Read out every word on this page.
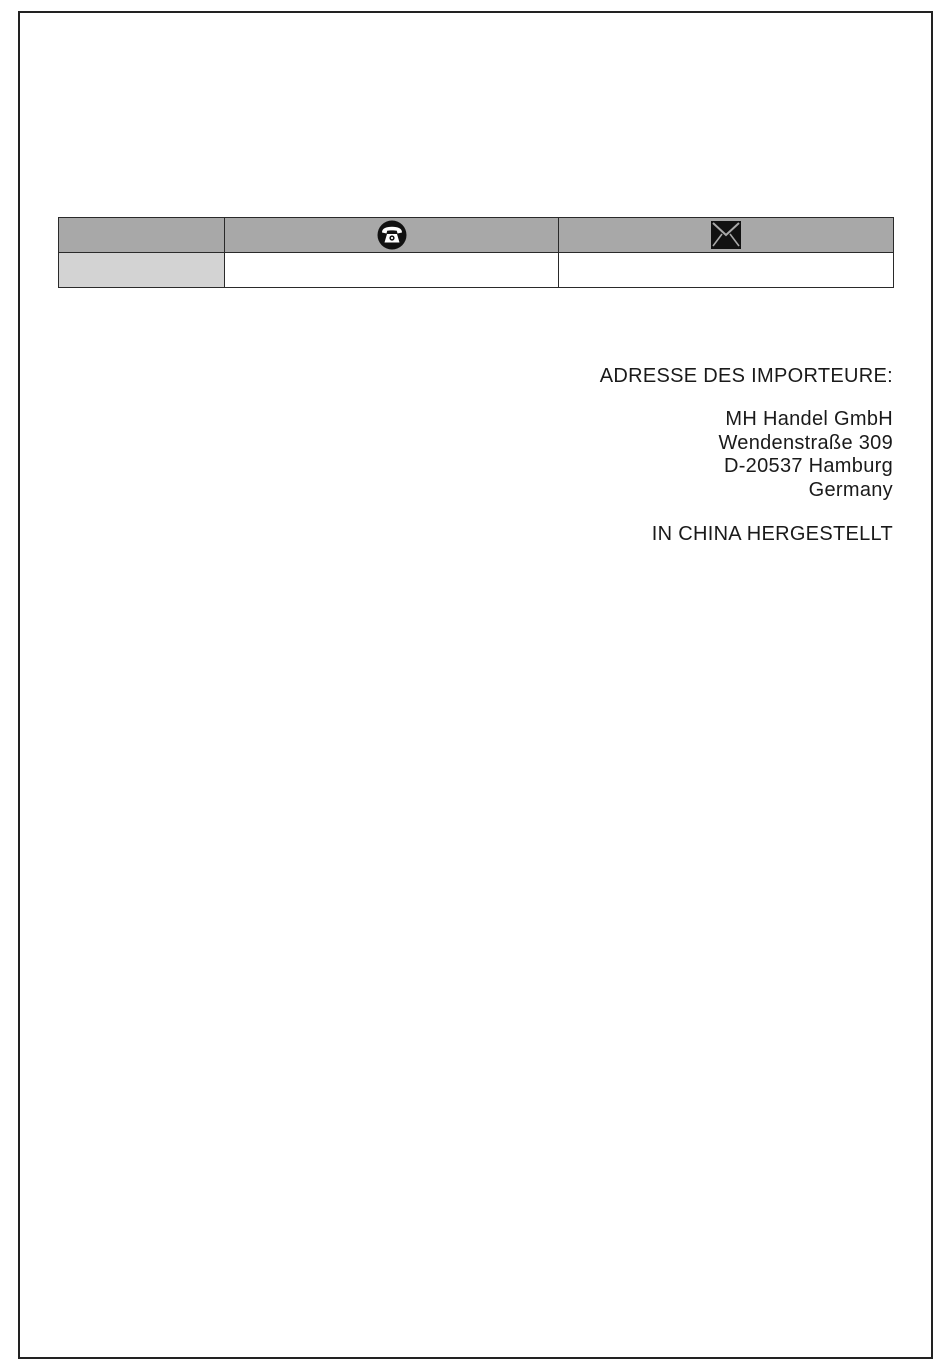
ADRESSE DES IMPORTEURE:
MH Handel GmbH
Wendenstraße 309
D-20537 Hamburg
Germany
IN CHINA HERGESTELLT
